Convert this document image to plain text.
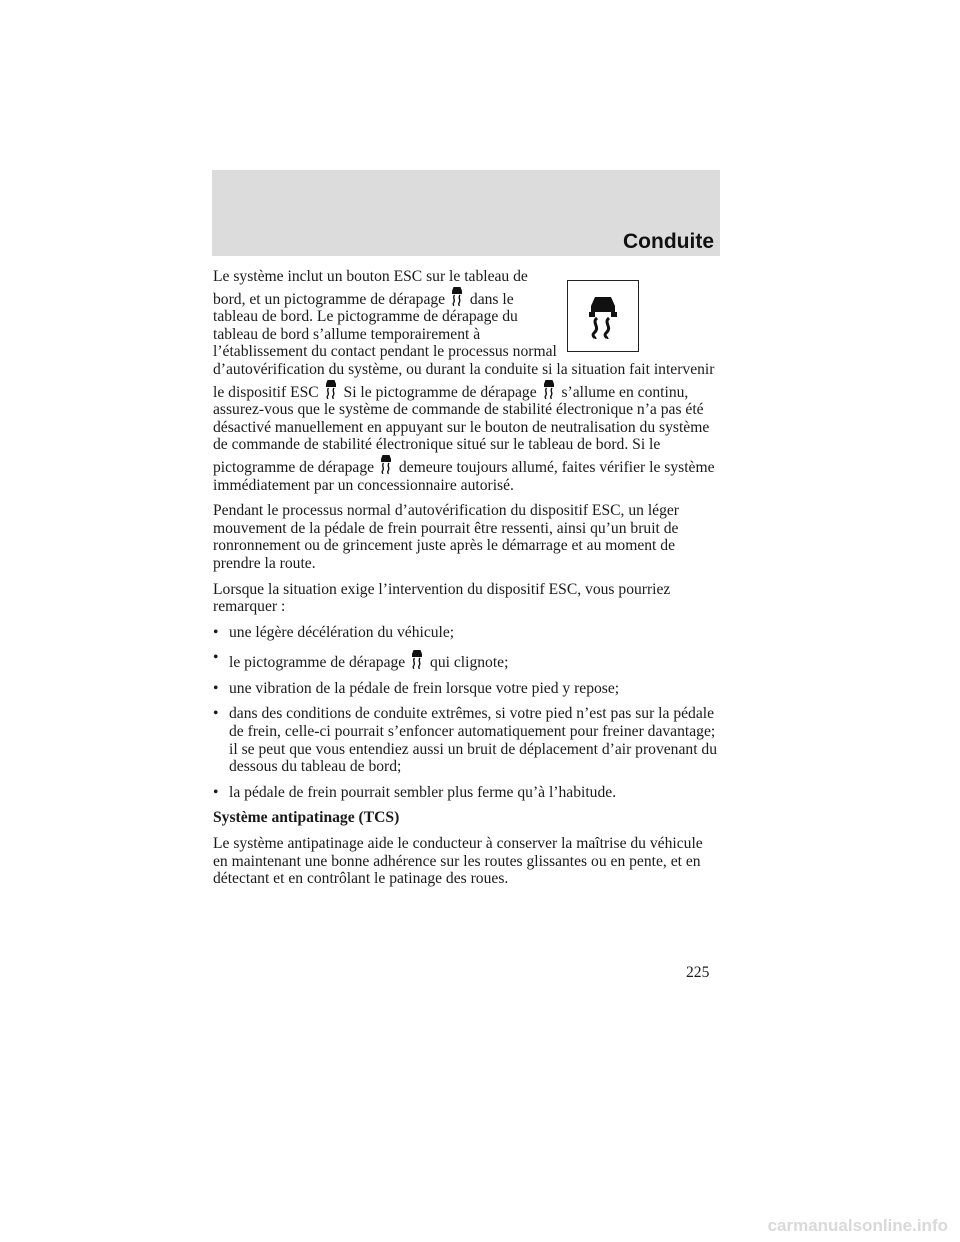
Conduite

Le système inclut un bouton ESC sur le tableau de bord, et un pictogramme de dérapage dans le tableau de bord. Le pictogramme de dérapage du tableau de bord s’allume temporairement à l’établissement du contact pendant le processus normal d’autovérification du système, ou durant la conduite si la situation fait intervenir le dispositif ESC Si le pictogramme de dérapage s’allume en continu, assurez-vous que le système de commande de stabilité électronique n’a pas été désactivé manuellement en appuyant sur le bouton de neutralisation du système de commande de stabilité électronique situé sur le tableau de bord. Si le pictogramme de dérapage demeure toujours allumé, faites vérifier le système immédiatement par un concessionnaire autorisé.

Pendant le processus normal d’autovérification du dispositif ESC, un léger mouvement de la pédale de frein pourrait être ressenti, ainsi qu’un bruit de ronronnement ou de grincement juste après le démarrage et au moment de prendre la route.

Lorsque la situation exige l’intervention du dispositif ESC, vous pourriez remarquer :

• une légère décélération du véhicule;
• le pictogramme de dérapage qui clignote;
• une vibration de la pédale de frein lorsque votre pied y repose;
• dans des conditions de conduite extrêmes, si votre pied n’est pas sur la pédale de frein, celle-ci pourrait s’enfoncer automatiquement pour freiner davantage; il se peut que vous entendiez aussi un bruit de déplacement d’air provenant du dessous du tableau de bord;
• la pédale de frein pourrait sembler plus ferme qu’à l’habitude.

Système antipatinage (TCS)

Le système antipatinage aide le conducteur à conserver la maîtrise du véhicule en maintenant une bonne adhérence sur les routes glissantes ou en pente, et en détectant et en contrôlant le patinage des roues.

225
carmanualsonline.info
